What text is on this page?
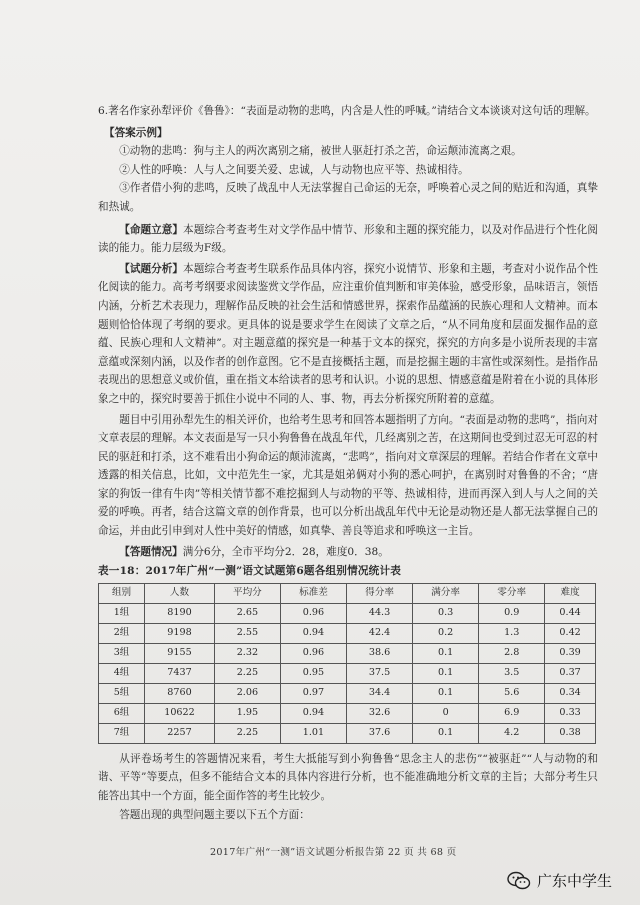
6.著名作家孙犁评价《鲁鲁》：“表面是动物的悲鸣，内含是人性的呼喊。”请结合文本谈谈对这句话的理解。

【答案示例】

①动物的悲鸣：狗与主人的两次离别之痛，被世人驱赶打杀之苦，命运颠沛流离之艰。

②人性的呼唤：人与人之间要关爱、忠诚，人与动物也应平等、热诚相待。

③作者借小狗的悲鸣，反映了战乱中人无法掌握自己命运的无奈，呼唤着心灵之间的贴近和沟通，真挚和热诚。

【命题立意】本题综合考查考生对文学作品中情节、形象和主题的探究能力，以及对作品进行个性化阅读的能力。能力层级为F级。

【试题分析】本题综合考查考生联系作品具体内容，探究小说情节、形象和主题，考查对小说作品个性化阅读的能力。高考考纲要求阅读鉴赏文学作品，应注重价值判断和审美体验，感受形象，品味语言，领悟内涵，分析艺术表现力，理解作品反映的社会生活和情感世界，探索作品蕴涵的民族心理和人文精神。而本题则恰恰体现了考纲的要求。更具体的说是要求学生在阅读了文章之后，“从不同角度和层面发掘作品的意蕴、民族心理和人文精神”。对主题意蕴的探究是一种基于文本的探究，探究的方向多是小说所表现的丰富意蕴或深刻内涵，以及作者的创作意图。它不是直接概括主题，而是挖掘主题的丰富性或深刻性。是指作品表现出的思想意义或价值，重在指文本给读者的思考和认识。小说的思想、情感意蕴是附着在小说的具体形象之中的，探究时要善于抓住小说中不同的人、事、物，再去分析探究所附着的意蕴。

题目中引用孙犁先生的相关评价，也给考生思考和回答本题指明了方向。“表面是动物的悲鸣”，指向对文章表层的理解。本文表面是写一只小狗鲁鲁在战乱年代，几经离别之苦，在这期间也受到过忍无可忍的村民的驱赶和打杀，这不难看出小狗命运的颠沛流离，“悲鸣”，指向对文章深层的理解。若结合作者在文章中透露的相关信息，比如，文中范先生一家，尤其是姐弟俩对小狗的悉心呵护，在离别时对鲁鲁的不舍；“唐家的狗饭一律有牛肉”等相关情节都不难挖掘到人与动物的平等、热诚相待，进而再深入到人与人之间的关爱的呼唤。再者，结合这篇文章的创作背景，也可以分析出战乱年代中无论是动物还是人都无法掌握自己的命运，并由此引申到对人性中美好的情感，如真挚、善良等追求和呼唤这一主旨。

【答题情况】满分6分，全市平均分2．28，难度0．38。

表一18：2017年广州“一测”语文试题第6题各组别情况统计表
组别	人数	平均分	标准差	得分率	满分率	零分率	难度
1组	8190	2.65	0.96	44.3	0.3	0.9	0.44
2组	9198	2.55	0.94	42.4	0.2	1.3	0.42
3组	9155	2.32	0.96	38.6	0.1	2.8	0.39
4组	7437	2.25	0.95	37.5	0.1	3.5	0.37
5组	8760	2.06	0.97	34.4	0.1	5.6	0.34
6组	10622	1.95	0.94	32.6	0	6.9	0.33
7组	2257	2.25	1.01	37.6	0.1	4.2	0.38

从评卷场考生的答题情况来看，考生大抵能写到小狗鲁鲁“思念主人的悲伤”“被驱赶”“人与动物的和谐、平等”等要点，但多不能结合文本的具体内容进行分析，也不能准确地分析文章的主旨；大部分考生只能答出其中一个方面，能全面作答的考生比较少。

答题出现的典型问题主要以下五个方面：

2017年广州“一测”语文试题分析报告第 22 页 共 68 页
广东中学生
